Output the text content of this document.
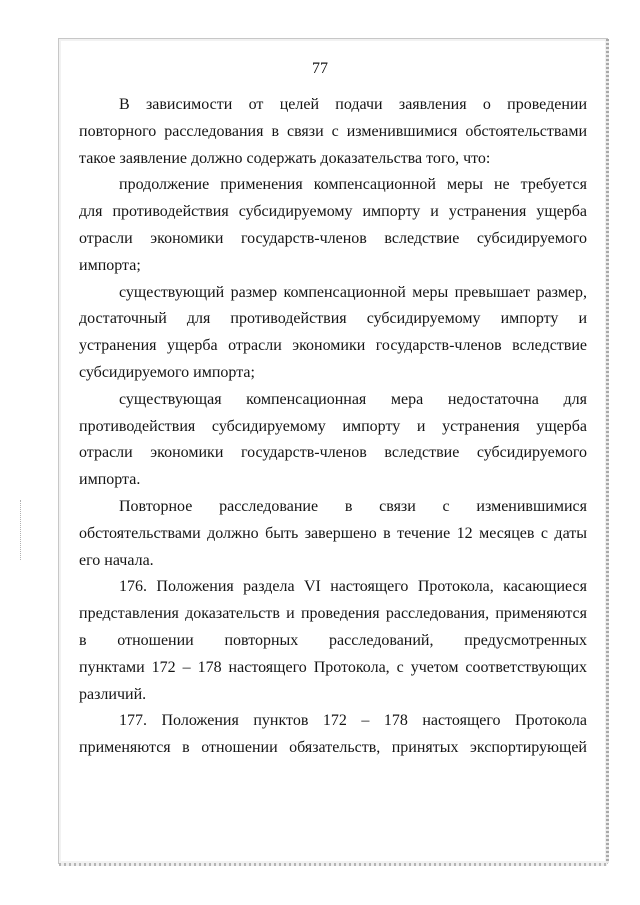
77
В зависимости от целей подачи заявления о проведении
повторного расследования в связи с изменившимися обстоятельствами
такое заявление должно содержать доказательства того, что:
продолжение применения компенсационной меры не требуется
для противодействия субсидируемому импорту и устранения ущерба
отрасли экономики государств-членов вследствие субсидируемого
импорта;
существующий размер компенсационной меры превышает размер,
достаточный для противодействия субсидируемому импорту и
устранения ущерба отрасли экономики государств-членов вследствие
субсидируемого импорта;
существующая компенсационная мера недостаточна для
противодействия субсидируемому импорту и устранения ущерба
отрасли экономики государств-членов вследствие субсидируемого
импорта.
Повторное расследование в связи с изменившимися
обстоятельствами должно быть завершено в течение 12 месяцев с даты
его начала.
176. Положения раздела VI настоящего Протокола, касающиеся
представления доказательств и проведения расследования, применяются
в отношении повторных расследований, предусмотренных
пунктами 172 – 178 настоящего Протокола, с учетом соответствующих
различий.
177. Положения пунктов 172 – 178 настоящего Протокола
применяются в отношении обязательств, принятых экспортирующей
